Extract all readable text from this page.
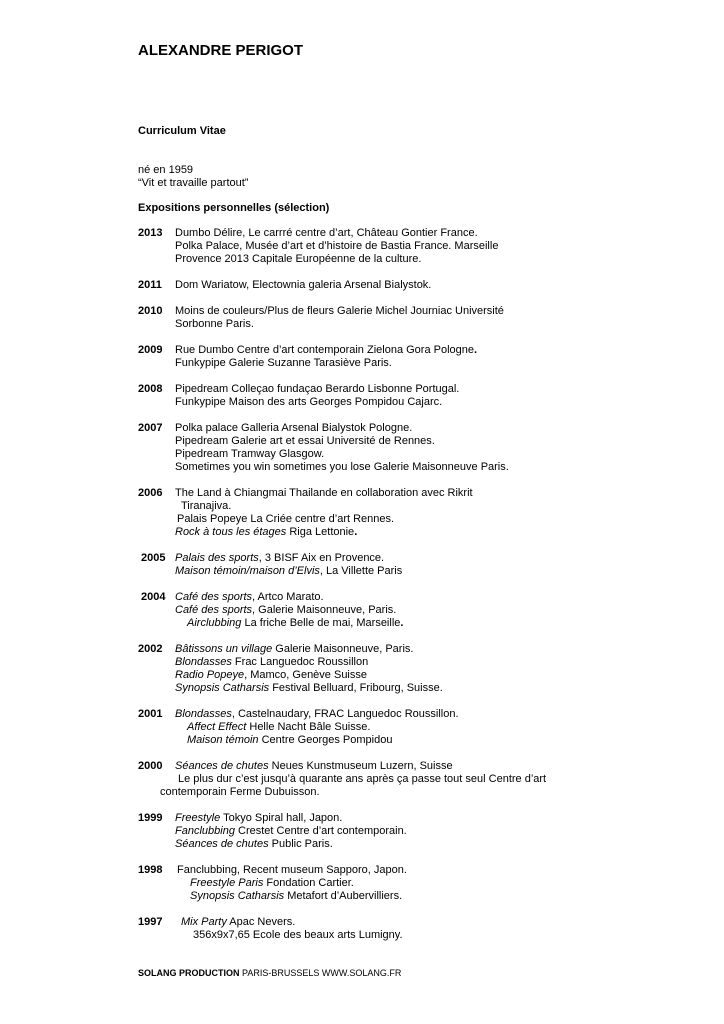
ALEXANDRE PERIGOT
Curriculum Vitae
né en 1959
“Vit et travaille partout”
Expositions personnelles (sélection)
2013	Dumbo Délire, Le carrré centre d’art, Château Gontier France.
Polka Palace, Musée d’art et d’histoire de Bastia France. Marseille
Provence 2013 Capitale Européenne de la culture.
2011	Dom Wariatow, Electownia galeria Arsenal Bialystok.
2010	Moins de couleurs/Plus de fleurs Galerie Michel Journiac Université
Sorbonne Paris.
2009	Rue Dumbo Centre d’art contemporain Zielona Gora Pologne.
Funkypipe Galerie Suzanne Tarasiève Paris.
2008	Pipedream Colleçao fundaçao Berardo Lisbonne Portugal.
Funkypipe Maison des arts Georges Pompidou Cajarc.
2007	Polka palace Galleria Arsenal Bialystok Pologne.
Pipedream Galerie art et essai Université de Rennes.
Pipedream Tramway Glasgow.
Sometimes you win sometimes you lose Galerie Maisonneuve Paris.
2006	The Land à Chiangmai Thailande en collaboration avec Rikrit
Tiranajiva.
Palais Popeye La Criée centre d’art Rennes.
Rock à tous les étages Riga Lettonie.
2005 Palais des sports, 3 BISF Aix en Provence.
Maison témoin/maison d’Elvis, La Villette Paris
2004 Café des sports, Artco Marato.
Café des sports, Galerie Maisonneuve, Paris.
Airclubbing La friche Belle de mai, Marseille.
2002	Bâtissons un village Galerie Maisonneuve, Paris.
Blondasses Frac Languedoc Roussillon
Radio Popeye, Mamco, Genève Suisse
Synopsis Catharsis Festival Belluard, Fribourg, Suisse.
2001	Blondasses, Castelnaudary, FRAC Languedoc Roussillon.
Affect Effect Helle Nacht Bâle Suisse.
Maison témoin Centre Georges Pompidou
2000	Séances de chutes Neues Kunstmuseum Luzern, Suisse
Le plus dur c’est jusqu’à quarante ans après ça passe tout seul Centre d’art
contemporain Ferme Dubuisson.
1999	Freestyle Tokyo Spiral hall, Japon.
Fanclubbing Crestet Centre d’art contemporain.
Séances de chutes Public Paris.
1998	Fanclubbing, Recent museum Sapporo, Japon.
Freestyle Paris Fondation Cartier.
Synopsis Catharsis Metafort d’Aubervilliers.
1997	Mix Party Apac Nevers.
356x9x7,65 Ecole des beaux arts Lumigny.
SOLANG PRODUCTION PARIS-BRUSSELS WWW.SOLANG.FR
